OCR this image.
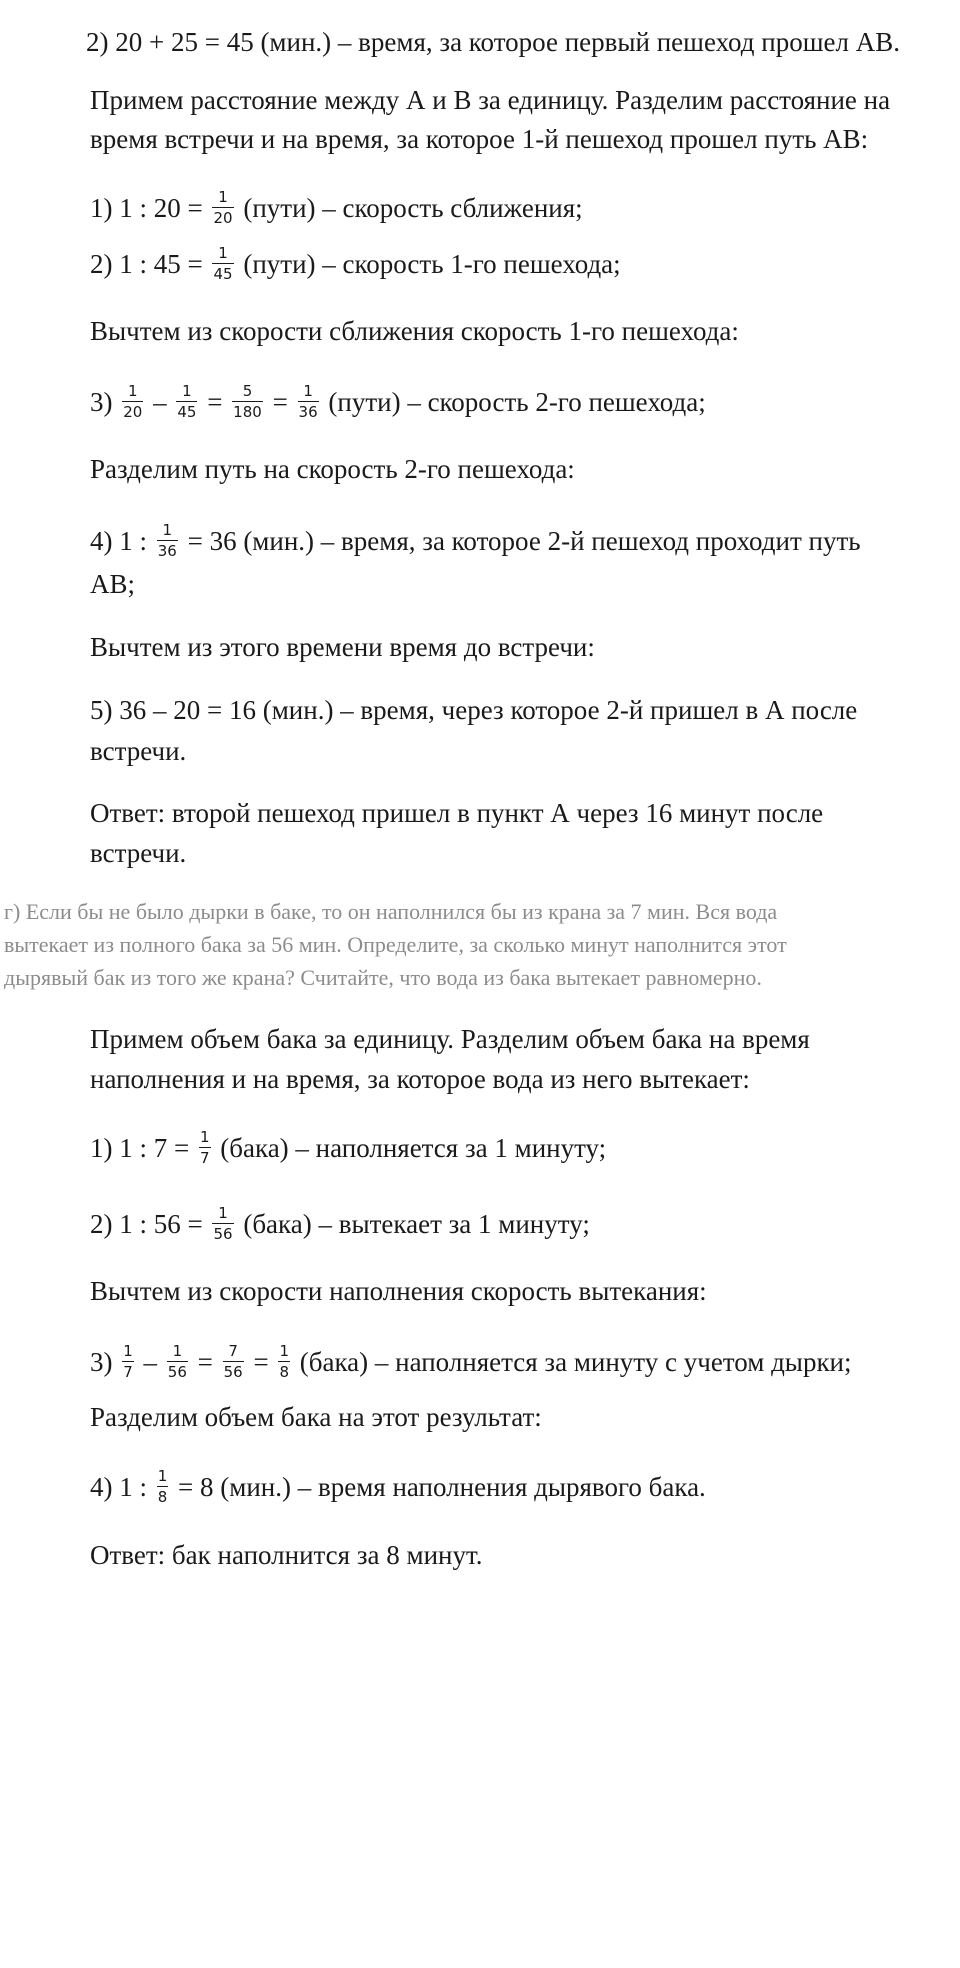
2) 20 + 25 = 45 (мин.) – время, за которое первый пешеход прошел АВ.
Примем расстояние между А и В за единицу. Разделим расстояние на
время встречи и на время, за которое 1-й пешеход прошел путь АВ:
1) 1 : $20 = \frac{1}{20}$ (пути) – скорость сближения;
2) 1 : $45 = \frac{1}{45}$ (пути) – скорость 1-го пешехода;
Вычтем из скорости сближения скорость 1-го пешехода:
$3) \frac{1}{20} - \frac{1}{45} = \frac{5}{180} = \frac{1}{36}$ (пути) – скорость 2-го пешехода;
Разделим путь на скорость 2-го пешехода:
4) 1 : $\frac{1}{36} = 36$ (мин.) – время, за которое 2-й пешеход проходит путь
АВ;
Вычтем из этого времени время до встречи:
5) 36 – 20 = 16 (мин.) – время, через которое 2-й пришел в А после
встречи.
Ответ: второй пешеход пришел в пункт А через 16 минут после
встречи.
г) Если бы не было дырки в баке, то он наполнился бы из крана за 7 мин. Вся вода
вытекает из полного бака за 56 мин. Определите, за сколько минут наполнится этот
дырявый бак из того же крана? Считайте, что вода из бака вытекает равномерно.
Примем объем бака за единицу. Разделим объем бака на время
наполнения и на время, за которое вода из него вытекает:
1) 1 : $7 = \frac{1}{7}$ (бака) – наполняется за 1 минуту;
2) 1 : $56 = \frac{1}{56}$ (бака) – вытекает за 1 минуту;
Вычтем из скорости наполнения скорость вытекания:
$3) \frac{1}{7} - \frac{1}{56} = \frac{7}{56} = \frac{1}{8}$ (бака) – наполняется за минуту с учетом дырки;
Разделим объем бака на этот результат:
4) 1 : $\frac{1}{8} = 8$ (мин.) – время наполнения дырявого бака.
Ответ: бак наполнится за 8 минут.
